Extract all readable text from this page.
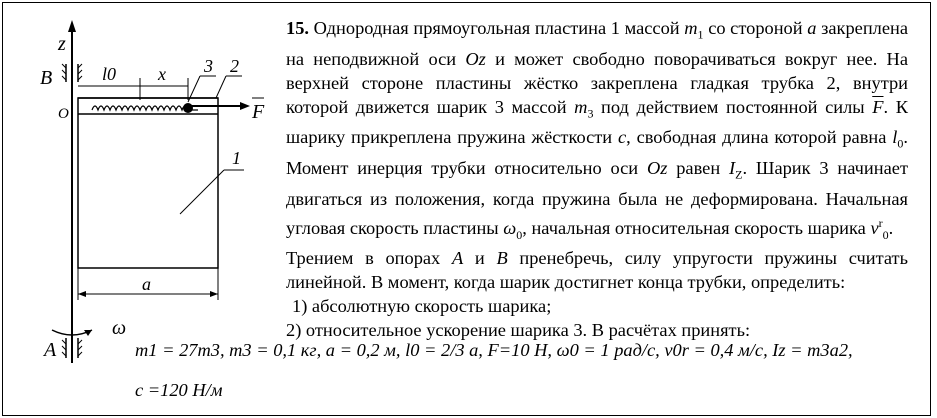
z
B
A
ω
F
O
l0 x 3 2
1
a

15. Однородная прямоугольная пластина 1 массой $m_1$ со стороной a закреплена на неподвижной оси Oz и может свободно поворачиваться вокруг нее. На верхней стороне пластины жёстко закреплена гладкая трубка 2, внутри которой движется шарик 3 массой $m_3$ под действием постоянной силы $\overline{F}$. К шарику прикреплена пружина жёсткости c, свободная длина которой равна $l_0$. Момент инерция трубки относительно оси Oz равен $I_Z$. Шарик 3 начинает двигаться из положения, когда пружина была не деформирована. Начальная угловая скорость пластины $\omega_0$, начальная относительная скорость шарика $v^r_0$.

Трением в опорах A и B пренебречь, силу упругости пружины считать линейной. В момент, когда шарик достигнет конца трубки, определить:

1) абсолютную скорость шарика;

2) относительное ускорение шарика 3. В расчётах принять:

m1 = 27m3, m3 = 0,1 кг, a = 0,2 м, l0 = 2/3 a, F=10 Н, ω0 = 1 рад/с, v0r = 0,4 м/с, Iz = m3a2,
c =120 Н/м
